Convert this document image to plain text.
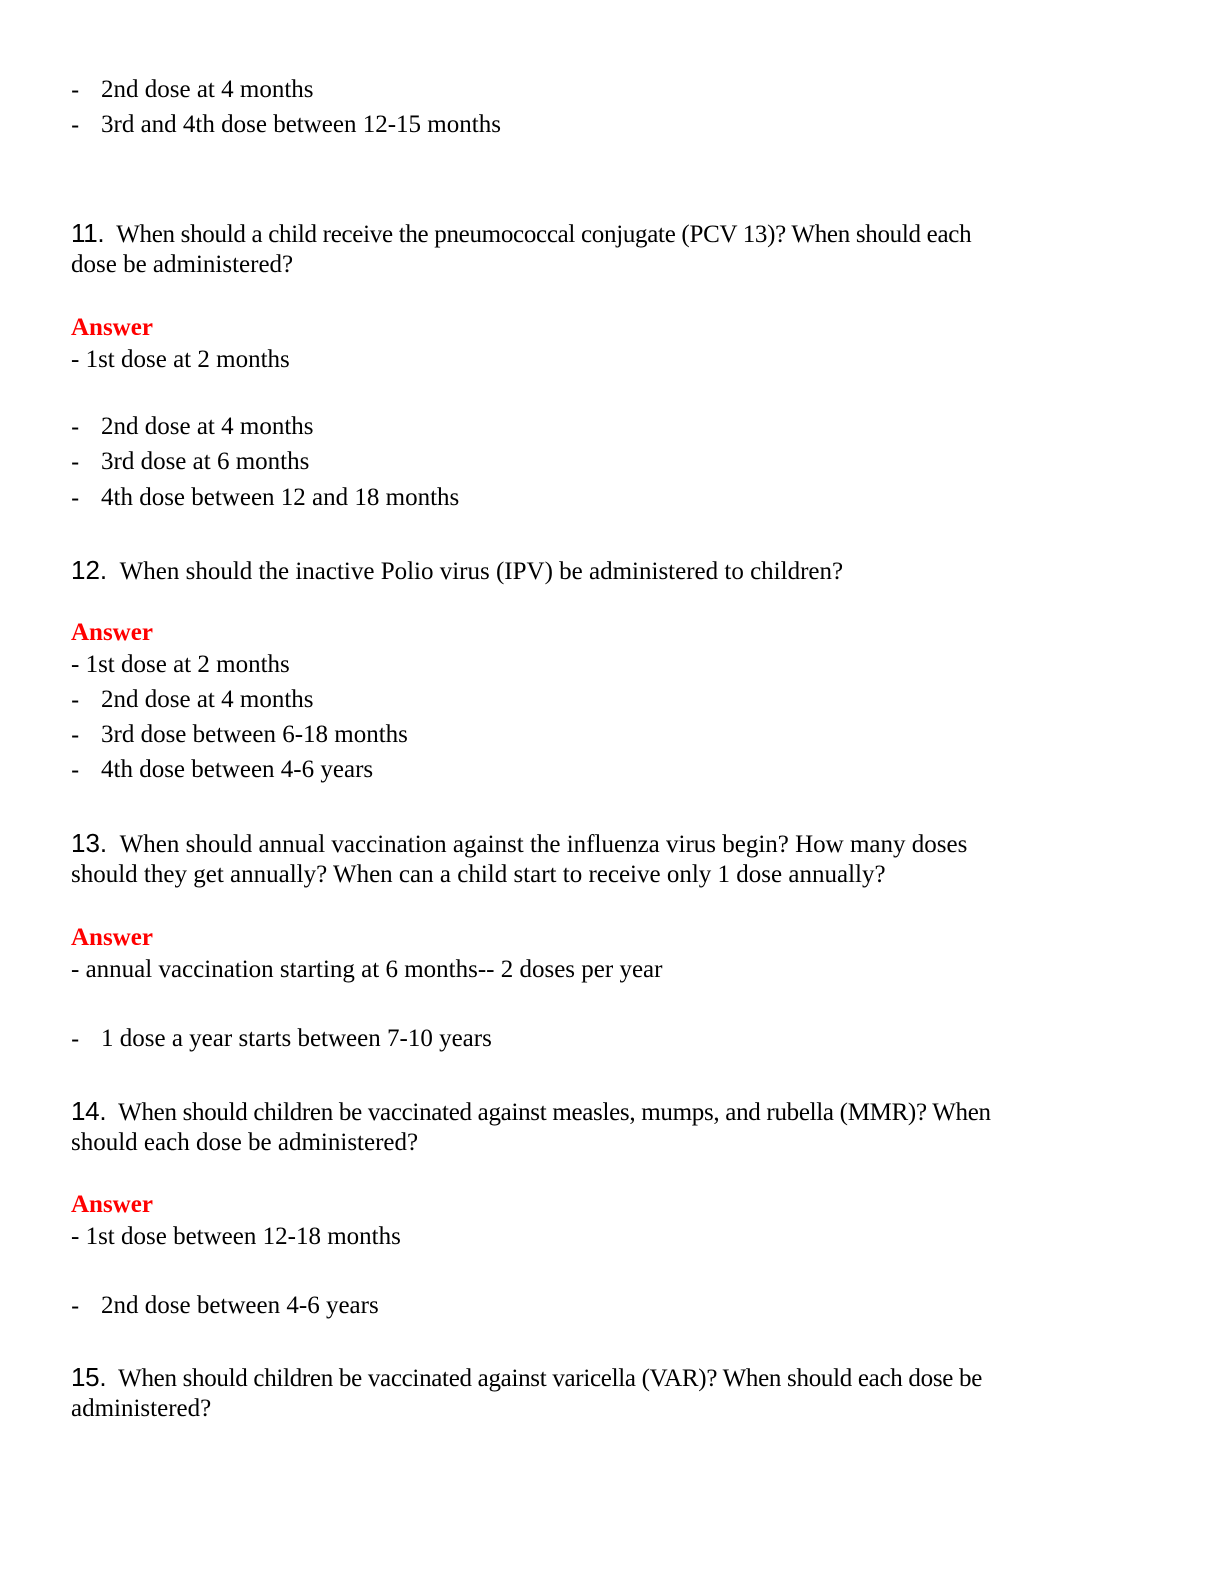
- 2nd dose at 4 months
- 3rd and 4th dose between 12-15 months
11. When should a child receive the pneumococcal conjugate (PCV 13)? When should each
dose be administered?
Answer
- 1st dose at 2 months
- 2nd dose at 4 months
- 3rd dose at 6 months
- 4th dose between 12 and 18 months
12. When should the inactive Polio virus (IPV) be administered to children?
Answer
- 1st dose at 2 months
- 2nd dose at 4 months
- 3rd dose between 6-18 months
- 4th dose between 4-6 years
13. When should annual vaccination against the influenza virus begin? How many doses
should they get annually? When can a child start to receive only 1 dose annually?
Answer
- annual vaccination starting at 6 months-- 2 doses per year
- 1 dose a year starts between 7-10 years
14. When should children be vaccinated against measles, mumps, and rubella (MMR)? When
should each dose be administered?
Answer
- 1st dose between 12-18 months
- 2nd dose between 4-6 years
15. When should children be vaccinated against varicella (VAR)? When should each dose be
administered?
